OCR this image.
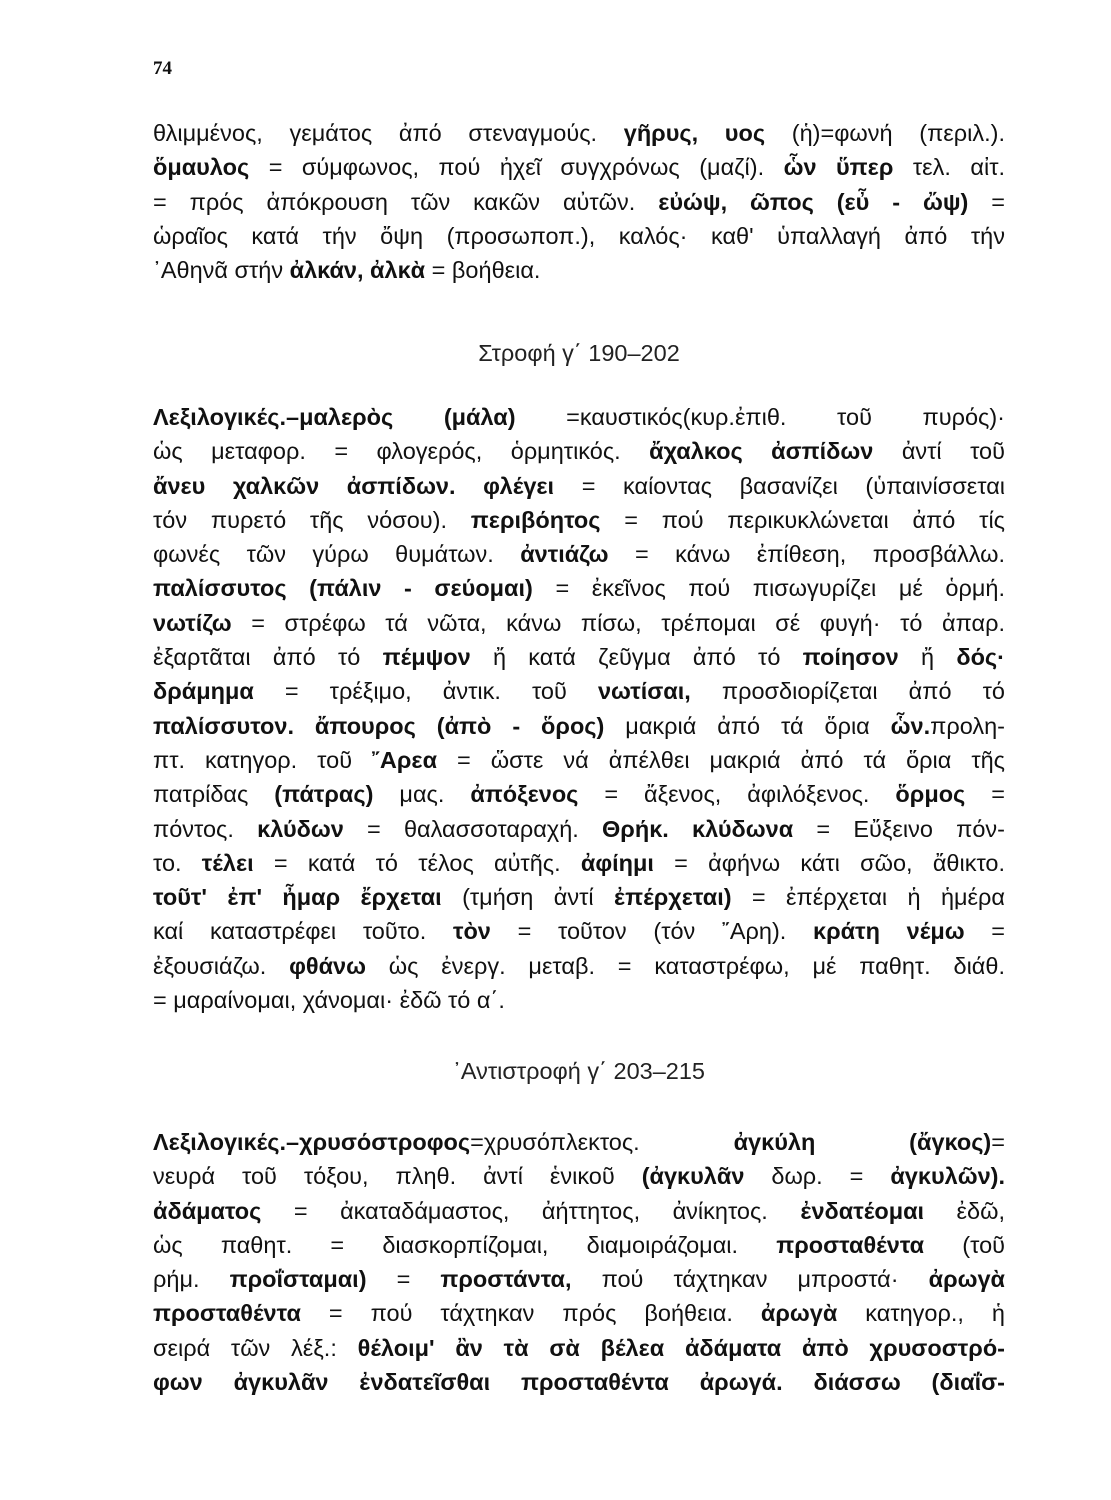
74
θλιμμένος, γεμάτος ἀπό στεναγμούς. γῆρυς, υος (ἡ)=φωνή (περιλ.).
ὅμαυλος = σύμφωνος, πού ἠχεῖ συγχρόνως (μαζί). ὧν ὕπερ τελ. αἰτ.
= πρός ἀπόκρουση τῶν κακῶν αὐτῶν. εὐώψ, ῶπος (εὖ - ὤψ) =
ὡραῖος κατά τήν ὄψη (προσωποπ.), καλός· καθ' ὑπαλλαγή ἀπό τήν
᾿Αθηνᾶ στήν ἀλκάν, ἀλκὰ = βοήθεια.
Στροφή γ΄ 190–202
Λεξιλογικές.–μαλερὸς (μάλα) =καυστικός(κυρ.ἐπιθ. τοῦ πυρός)·
ὡς μεταφορ. = φλογερός, ὁρμητικός. ἄχαλκος ἀσπίδων ἀντί τοῦ
ἄνευ χαλκῶν ἀσπίδων. φλέγει = καίοντας βασανίζει (ὑπαινίσσεται
τόν πυρετό τῆς νόσου). περιβόητος = πού περικυκλώνεται ἀπό τίς
φωνές τῶν γύρω θυμάτων. ἀντιάζω = κάνω ἐπίθεση, προσβάλλω.
παλίσσυτος (πάλιν - σεύομαι) = ἐκεῖνος πού πισωγυρίζει μέ ὁρμή.
νωτίζω = στρέφω τά νῶτα, κάνω πίσω, τρέπομαι σέ φυγή· τό ἀπαρ.
ἐξαρτᾶται ἀπό τό πέμψον ἤ κατά ζεῦγμα ἀπό τό ποίησον ἤ δός·
δράμημα = τρέξιμο, ἀντικ. τοῦ νωτίσαι, προσδιορίζεται ἀπό τό
παλίσσυτον. ἄπουρος (ἀπὸ - ὅρος) μακριά ἀπό τά ὅρια ὧν.προλη-
πτ. κατηγορ. τοῦ ῎Αρεα = ὥστε νά ἀπέλθει μακριά ἀπό τά ὅρια τῆς
πατρίδας (πάτρας) μας. ἀπόξενος = ἄξενος, ἀφιλόξενος. ὅρμος =
πόντος. κλύδων = θαλασσοταραχή. Θρήκ. κλύδωνα = Εὔξεινο πόν-
το. τέλει = κατά τό τέλος αὐτῆς. ἀφίημι = ἀφήνω κάτι σῶο, ἄθικτο.
τοῦτ' ἐπ' ἦμαρ ἔρχεται (τμήση ἀντί ἐπέρχεται) = ἐπέρχεται ἡ ἡμέρα
καί καταστρέφει τοῦτο. τὸν = τοῦτον (τόν ῎Αρη). κράτη νέμω =
ἐξουσιάζω. φθάνω ὡς ἐνεργ. μεταβ. = καταστρέφω, μέ παθητ. διάθ.
= μαραίνομαι, χάνομαι· ἐδῶ τό α΄.
᾿Αντιστροφή γ΄ 203–215
Λεξιλογικές.–χρυσόστροφος=χρυσόπλεκτος. ἀγκύλη (ἄγκος)=
νευρά τοῦ τόξου, πληθ. ἀντί ἑνικοῦ (ἀγκυλᾶν δωρ. = ἀγκυλῶν).
ἀδάματος = ἀκαταδάμαστος, ἀήττητος, ἀνίκητος. ἐνδατέομαι ἐδῶ,
ὡς παθητ. = διασκορπίζομαι, διαμοιράζομαι. προσταθέντα (τοῦ
ρήμ. προΐσταμαι) = προστάντα, πού τάχτηκαν μπροστά· ἀρωγὰ
προσταθέντα = πού τάχτηκαν πρός βοήθεια. ἀρωγὰ κατηγορ., ἡ
σειρά τῶν λέξ.: θέλοιμ' ἂν τὰ σὰ βέλεα ἀδάματα ἀπὸ χρυσοστρό-
φων ἀγκυλᾶν ἐνδατεῖσθαι προσταθέντα ἀρωγά. διάσσω (διαΐσ-
